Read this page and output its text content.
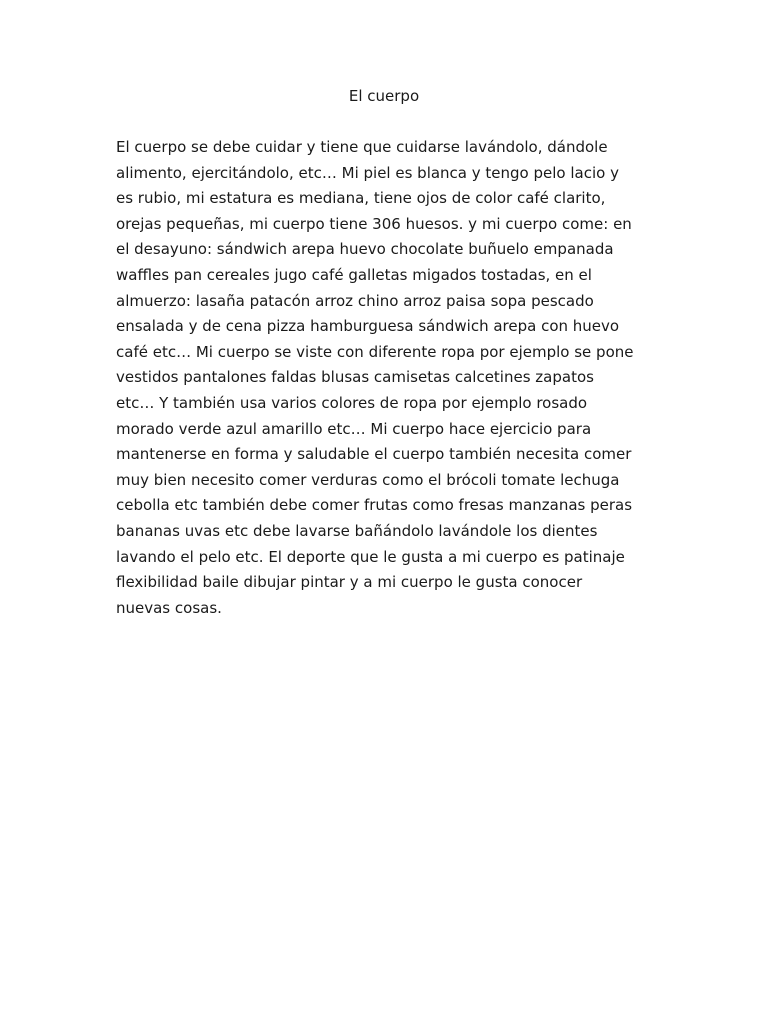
El cuerpo

El cuerpo se debe cuidar y tiene que cuidarse lavándolo, dándole
alimento, ejercitándolo, etc… Mi piel es blanca y tengo pelo lacio y
es rubio, mi estatura es mediana, tiene ojos de color café clarito,
orejas pequeñas, mi cuerpo tiene 306 huesos. y mi cuerpo come: en
el desayuno: sándwich arepa huevo chocolate buñuelo empanada
waffles pan cereales jugo café galletas migados tostadas, en el
almuerzo: lasaña patacón arroz chino arroz paisa sopa pescado
ensalada y de cena pizza hamburguesa sándwich arepa con huevo
café etc… Mi cuerpo se viste con diferente ropa por ejemplo se pone
vestidos pantalones faldas blusas camisetas calcetines zapatos
etc… Y también usa varios colores de ropa por ejemplo rosado
morado verde azul amarillo etc… Mi cuerpo hace ejercicio para
mantenerse en forma y saludable el cuerpo también necesita comer
muy bien necesito comer verduras como el brócoli tomate lechuga
cebolla etc también debe comer frutas como fresas manzanas peras
bananas uvas etc debe lavarse bañándolo lavándole los dientes
lavando el pelo etc. El deporte que le gusta a mi cuerpo es patinaje
flexibilidad baile dibujar pintar y a mi cuerpo le gusta conocer
nuevas cosas.
